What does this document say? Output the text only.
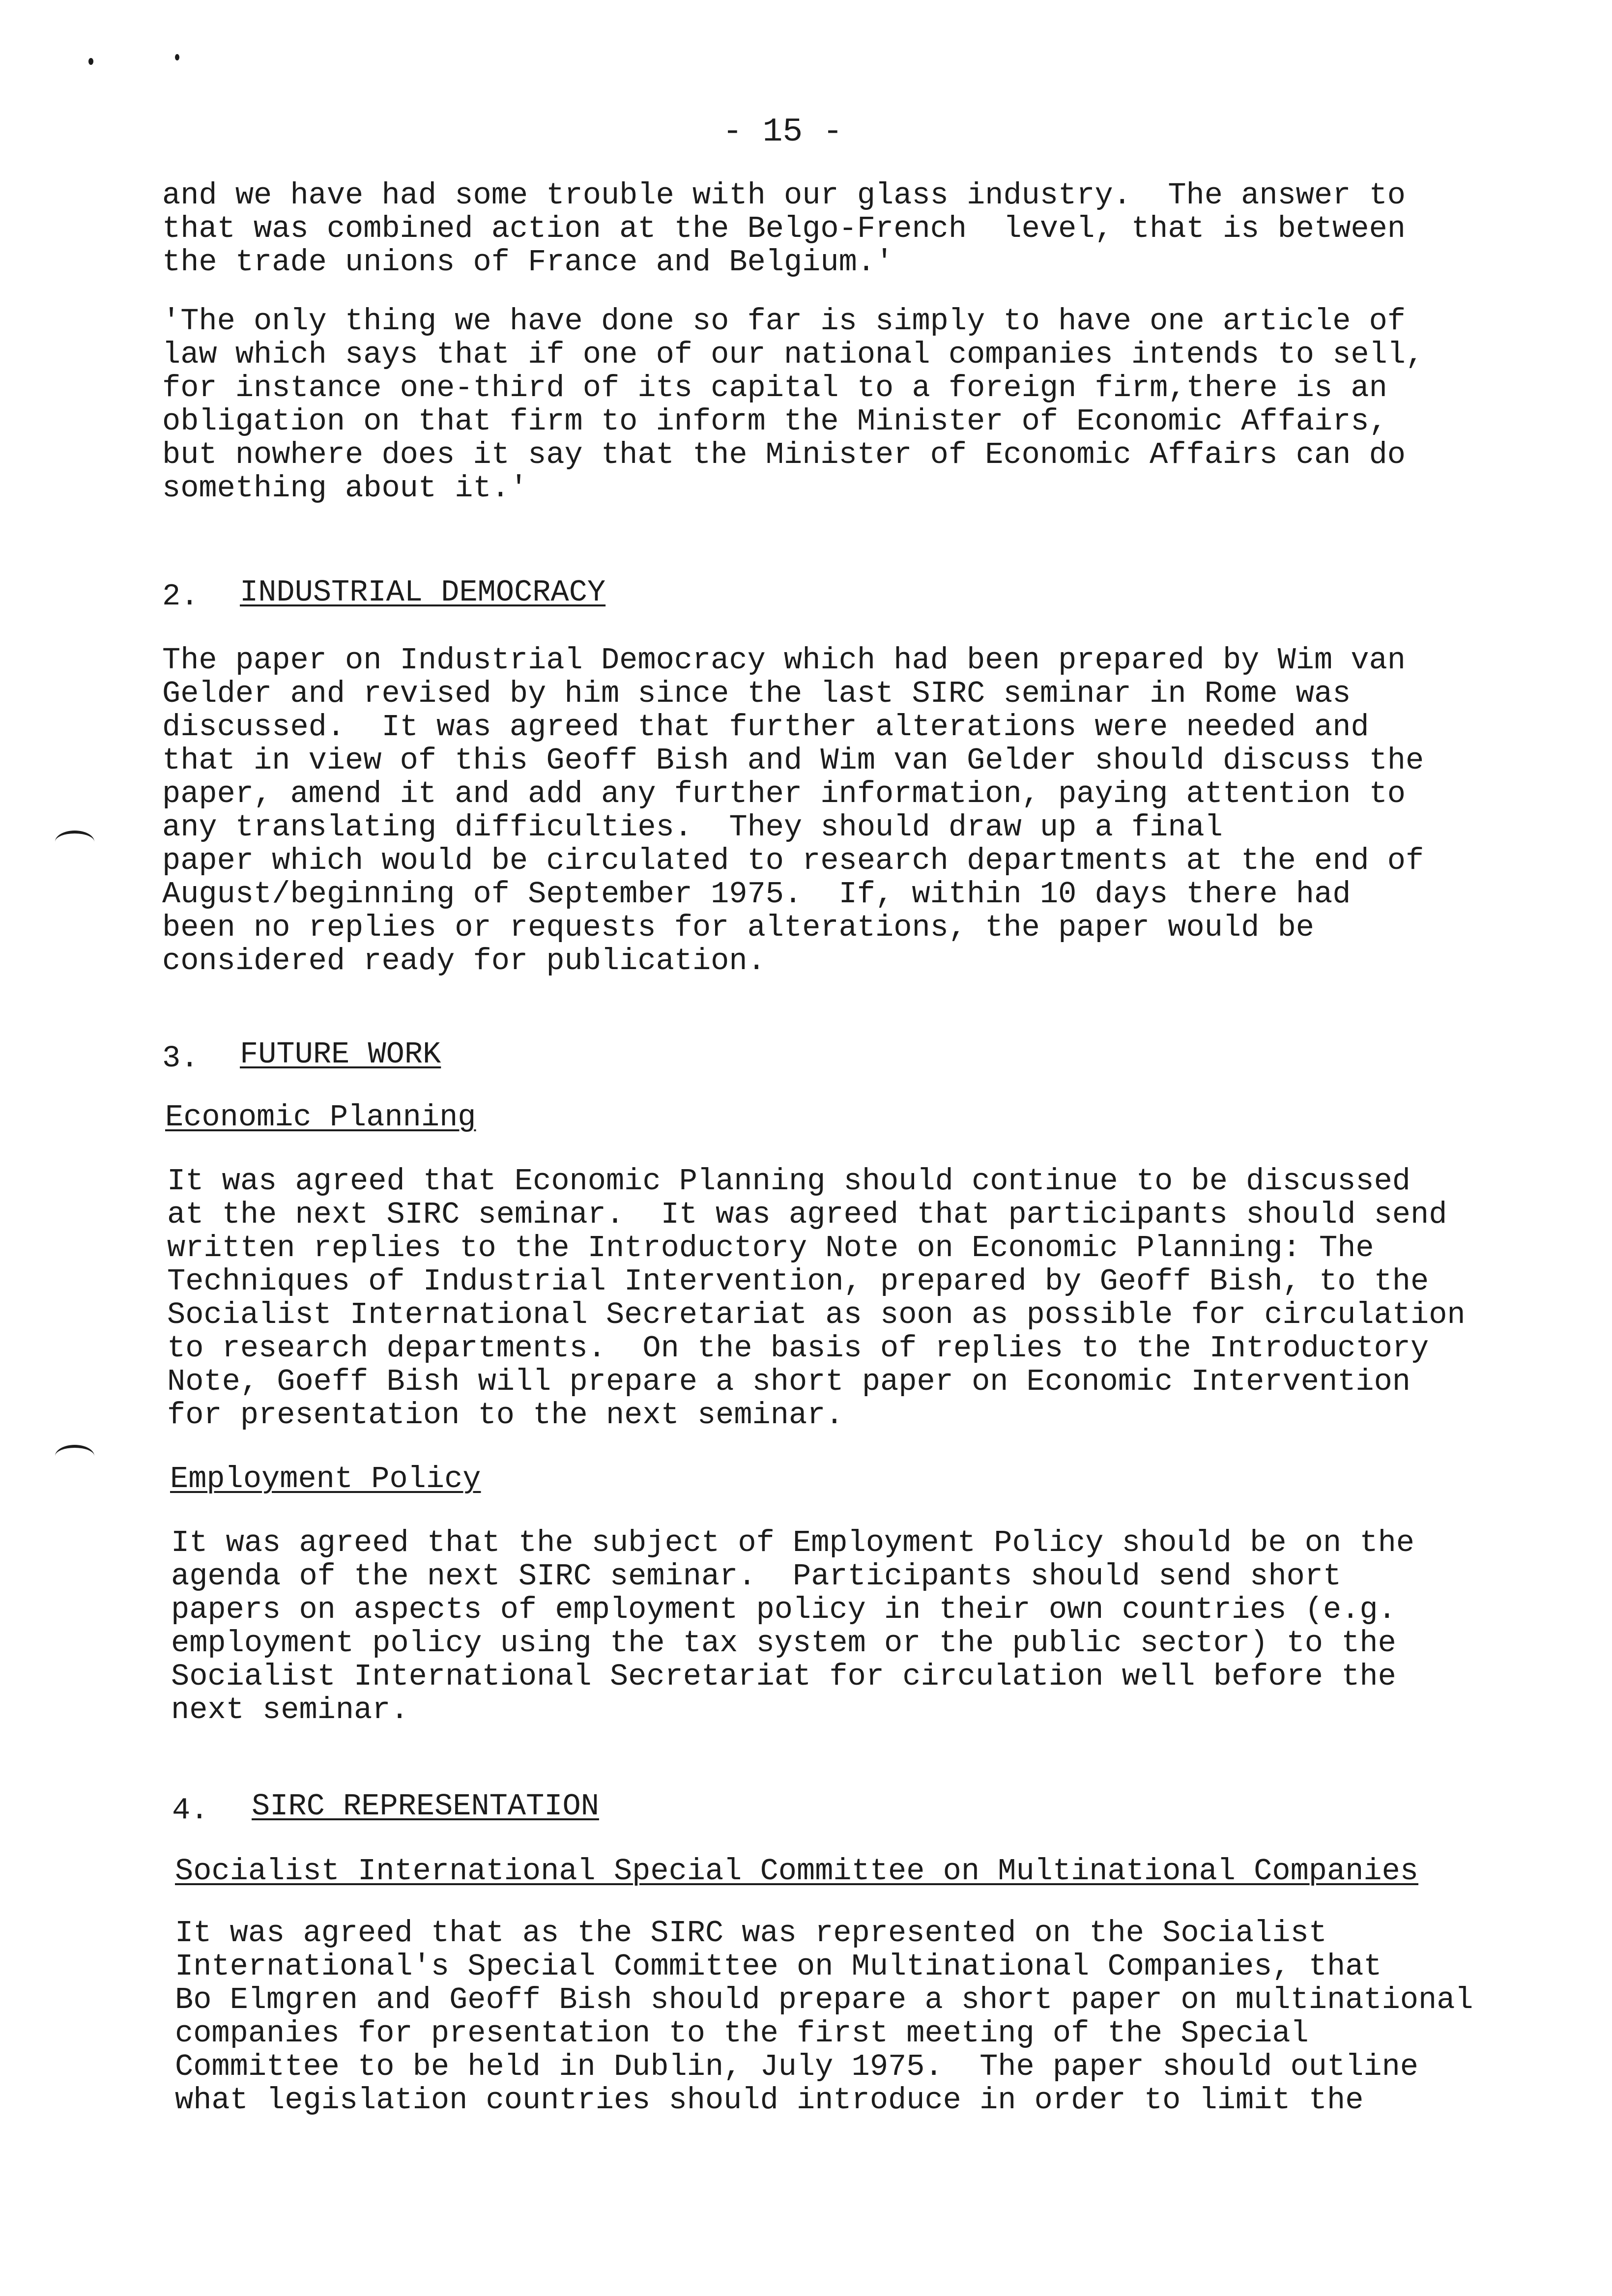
- 15 -
and we have had some trouble with our glass industry.  The answer to
that was combined action at the Belgo-French  level, that is between
the trade unions of France and Belgium.'
'The only thing we have done so far is simply to have one article of
law which says that if one of our national companies intends to sell,
for instance one-third of its capital to a foreign firm,there is an
obligation on that firm to inform the Minister of Economic Affairs,
but nowhere does it say that the Minister of Economic Affairs can do
something about it.'
2. INDUSTRIAL DEMOCRACY
The paper on Industrial Democracy which had been prepared by Wim van
Gelder and revised by him since the last SIRC seminar in Rome was
discussed.  It was agreed that further alterations were needed and
that in view of this Geoff Bish and Wim van Gelder should discuss the
paper, amend it and add any further information, paying attention to
any translating difficulties.  They should draw up a final
paper which would be circulated to research departments at the end of
August/beginning of September 1975.  If, within 10 days there had
been no replies or requests for alterations, the paper would be
considered ready for publication.
3. FUTURE WORK
Economic Planning
It was agreed that Economic Planning should continue to be discussed
at the next SIRC seminar.  It was agreed that participants should send
written replies to the Introductory Note on Economic Planning: The
Techniques of Industrial Intervention, prepared by Geoff Bish, to the
Socialist International Secretariat as soon as possible for circulation
to research departments.  On the basis of replies to the Introductory
Note, Goeff Bish will prepare a short paper on Economic Intervention
for presentation to the next seminar.
Employment Policy
It was agreed that the subject of Employment Policy should be on the
agenda of the next SIRC seminar.  Participants should send short
papers on aspects of employment policy in their own countries (e.g.
employment policy using the tax system or the public sector) to the
Socialist International Secretariat for circulation well before the
next seminar.
4. SIRC REPRESENTATION
Socialist International Special Committee on Multinational Companies
It was agreed that as the SIRC was represented on the Socialist
International's Special Committee on Multinational Companies, that
Bo Elmgren and Geoff Bish should prepare a short paper on multinational
companies for presentation to the first meeting of the Special
Committee to be held in Dublin, July 1975.  The paper should outline
what legislation countries should introduce in order to limit the
